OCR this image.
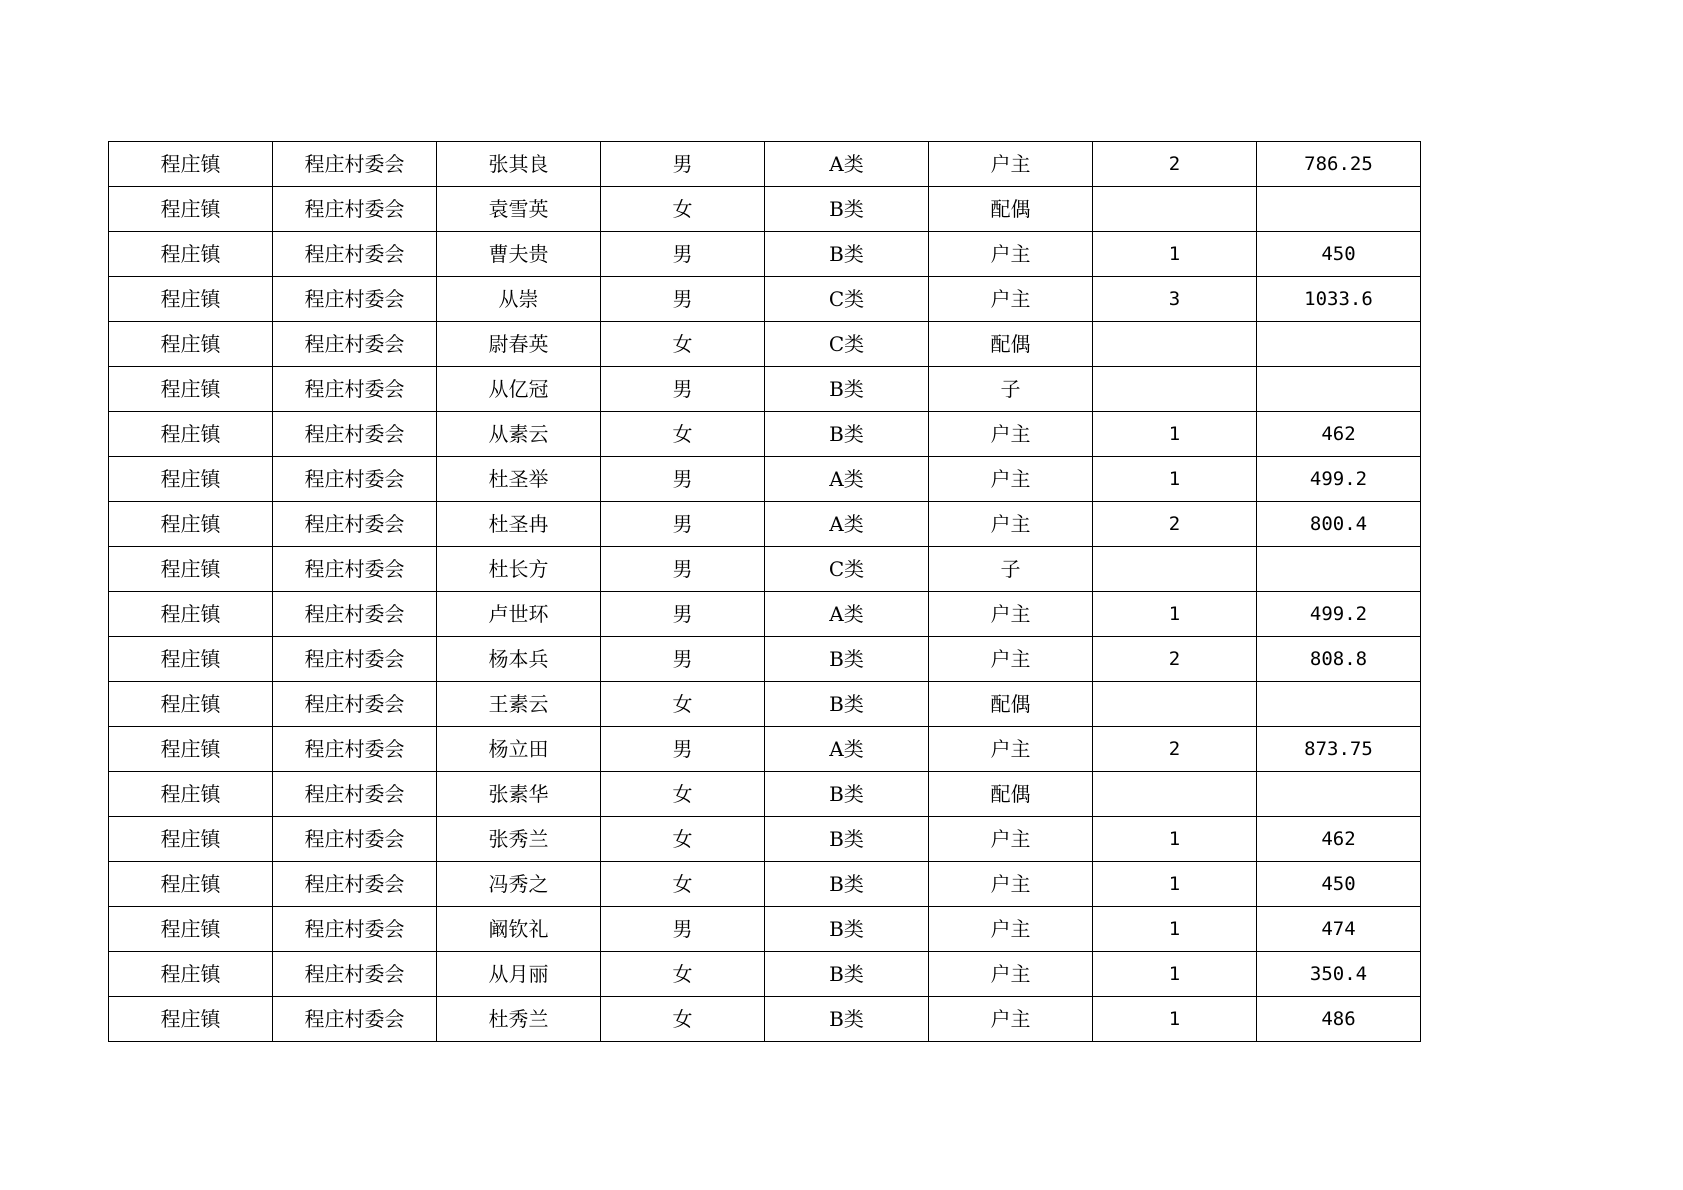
程庄镇	程庄村委会	张其良	男	A类	户主	2	786.25
程庄镇	程庄村委会	袁雪英	女	B类	配偶		
程庄镇	程庄村委会	曹夫贵	男	B类	户主	1	450
程庄镇	程庄村委会	从崇	男	C类	户主	3	1033.6
程庄镇	程庄村委会	尉春英	女	C类	配偶		
程庄镇	程庄村委会	从亿冠	男	B类	子		
程庄镇	程庄村委会	从素云	女	B类	户主	1	462
程庄镇	程庄村委会	杜圣举	男	A类	户主	1	499.2
程庄镇	程庄村委会	杜圣冉	男	A类	户主	2	800.4
程庄镇	程庄村委会	杜长方	男	C类	子		
程庄镇	程庄村委会	卢世环	男	A类	户主	1	499.2
程庄镇	程庄村委会	杨本兵	男	B类	户主	2	808.8
程庄镇	程庄村委会	王素云	女	B类	配偶		
程庄镇	程庄村委会	杨立田	男	A类	户主	2	873.75
程庄镇	程庄村委会	张素华	女	B类	配偶		
程庄镇	程庄村委会	张秀兰	女	B类	户主	1	462
程庄镇	程庄村委会	冯秀之	女	B类	户主	1	450
程庄镇	程庄村委会	阚钦礼	男	B类	户主	1	474
程庄镇	程庄村委会	从月丽	女	B类	户主	1	350.4
程庄镇	程庄村委会	杜秀兰	女	B类	户主	1	486
